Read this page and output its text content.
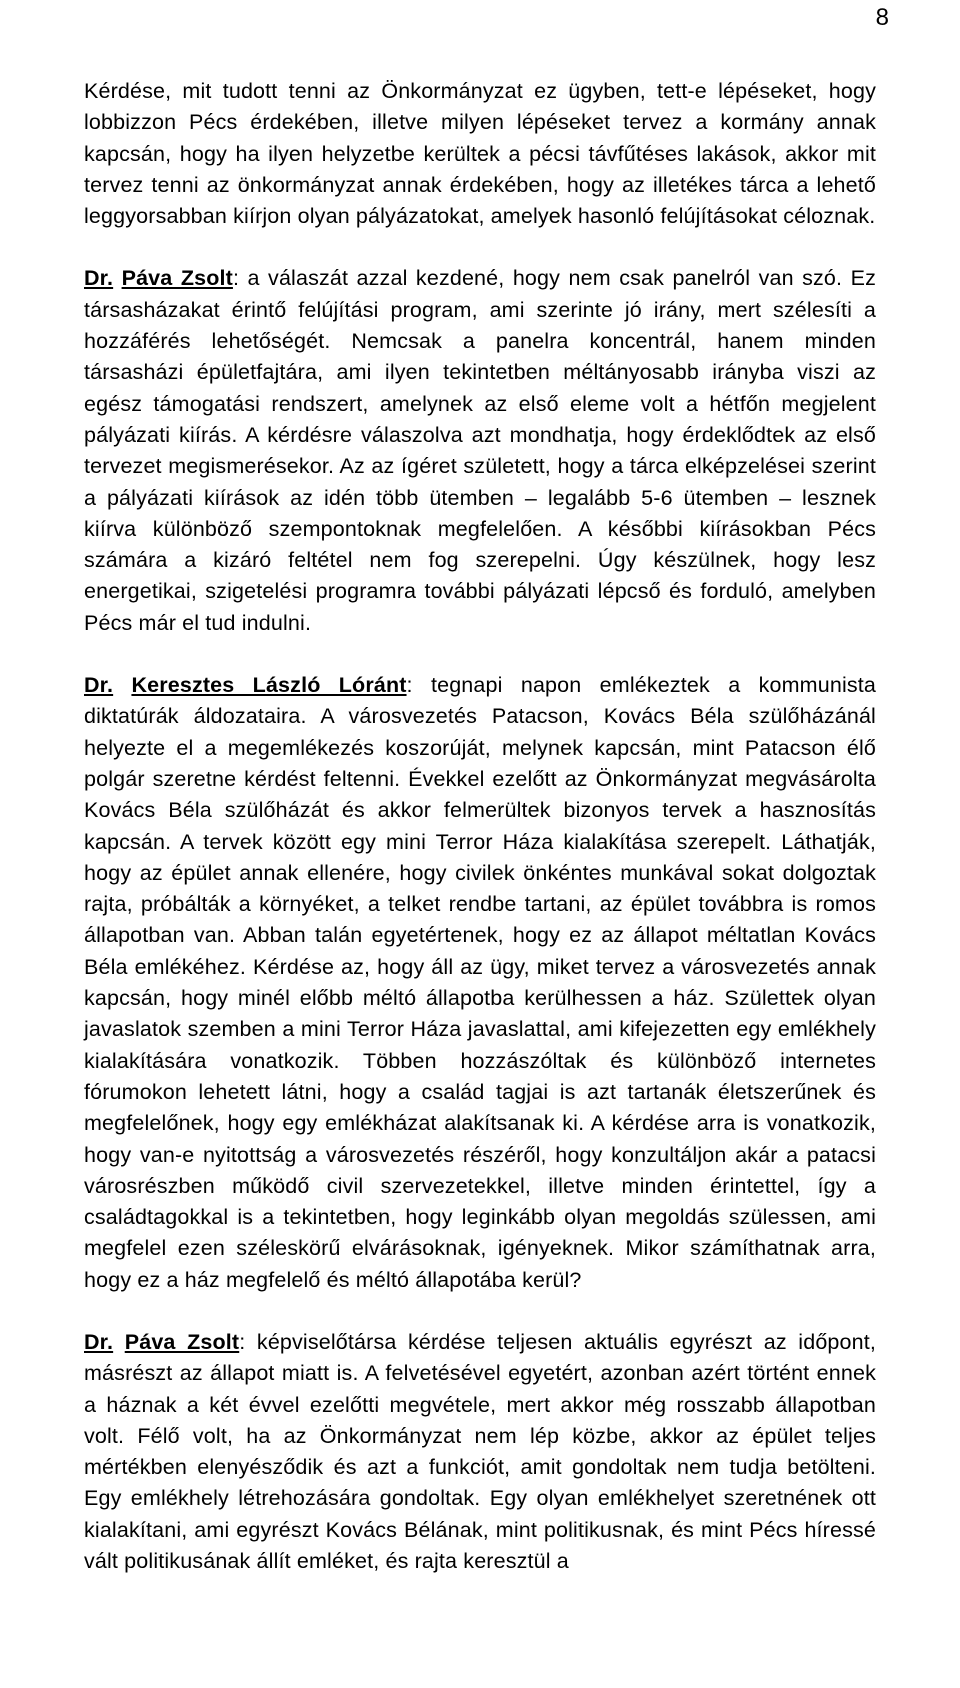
8

Kérdése, mit tudott tenni az Önkormányzat ez ügyben, tett-e lépéseket, hogy lobbizzon Pécs érdekében, illetve milyen lépéseket tervez a kormány annak kapcsán, hogy ha ilyen helyzetbe kerültek a pécsi távfűtéses lakások, akkor mit tervez tenni az önkormányzat annak érdekében, hogy az illetékes tárca a lehető leggyorsabban kiírjon olyan pályázatokat, amelyek hasonló felújításokat céloznak.

Dr. Páva Zsolt: a válaszát azzal kezdené, hogy nem csak panelról van szó. Ez társasházakat érintő felújítási program, ami szerinte jó irány, mert szélesíti a hozzáférés lehetőségét. Nemcsak a panelra koncentrál, hanem minden társasházi épületfajtára, ami ilyen tekintetben méltányosabb irányba viszi az egész támogatási rendszert, amelynek az első eleme volt a hétfőn megjelent pályázati kiírás. A kérdésre válaszolva azt mondhatja, hogy érdeklődtek az első tervezet megismerésekor. Az az ígéret született, hogy a tárca elképzelései szerint a pályázati kiírások az idén több ütemben – legalább 5-6 ütemben – lesznek kiírva különböző szempontoknak megfelelően. A későbbi kiírásokban Pécs számára a kizáró feltétel nem fog szerepelni. Úgy készülnek, hogy lesz energetikai, szigetelési programra további pályázati lépcső és forduló, amelyben Pécs már el tud indulni.

Dr. Keresztes László Lóránt: tegnapi napon emlékeztek a kommunista diktatúrák áldozataira. A városvezetés Patacson, Kovács Béla szülőházánál helyezte el a megemlékezés koszorúját, melynek kapcsán, mint Patacson élő polgár szeretne kérdést feltenni. Évekkel ezelőtt az Önkormányzat megvásárolta Kovács Béla szülőházát és akkor felmerültek bizonyos tervek a hasznosítás kapcsán. A tervek között egy mini Terror Háza kialakítása szerepelt. Láthatják, hogy az épület annak ellenére, hogy civilek önkéntes munkával sokat dolgoztak rajta, próbálták a környéket, a telket rendbe tartani, az épület továbbra is romos állapotban van. Abban talán egyetértenek, hogy ez az állapot méltatlan Kovács Béla emlékéhez. Kérdése az, hogy áll az ügy, miket tervez a városvezetés annak kapcsán, hogy minél előbb méltó állapotba kerülhessen a ház. Születtek olyan javaslatok szemben a mini Terror Háza javaslattal, ami kifejezetten egy emlékhely kialakítására vonatkozik. Többen hozzászóltak és különböző internetes fórumokon lehetett látni, hogy a család tagjai is azt tartanák életszerűnek és megfelelőnek, hogy egy emlékházat alakítsanak ki. A kérdése arra is vonatkozik, hogy van-e nyitottság a városvezetés részéről, hogy konzultáljon akár a patacsi városrészben működő civil szervezetekkel, illetve minden érintettel, így a családtagokkal is a tekintetben, hogy leginkább olyan megoldás szülessen, ami megfelel ezen széleskörű elvárásoknak, igényeknek. Mikor számíthatnak arra, hogy ez a ház megfelelő és méltó állapotába kerül?

Dr. Páva Zsolt: képviselőtársa kérdése teljesen aktuális egyrészt az időpont, másrészt az állapot miatt is. A felvetésével egyetért, azonban azért történt ennek a háznak a két évvel ezelőtti megvétele, mert akkor még rosszabb állapotban volt. Félő volt, ha az Önkormányzat nem lép közbe, akkor az épület teljes mértékben elenyésződik és azt a funkciót, amit gondoltak nem tudja betölteni. Egy emlékhely létrehozására gondoltak. Egy olyan emlékhelyet szeretnének ott kialakítani, ami egyrészt Kovács Bélának, mint politikusnak, és mint Pécs híressé vált politikusának állít emléket, és rajta keresztül a
